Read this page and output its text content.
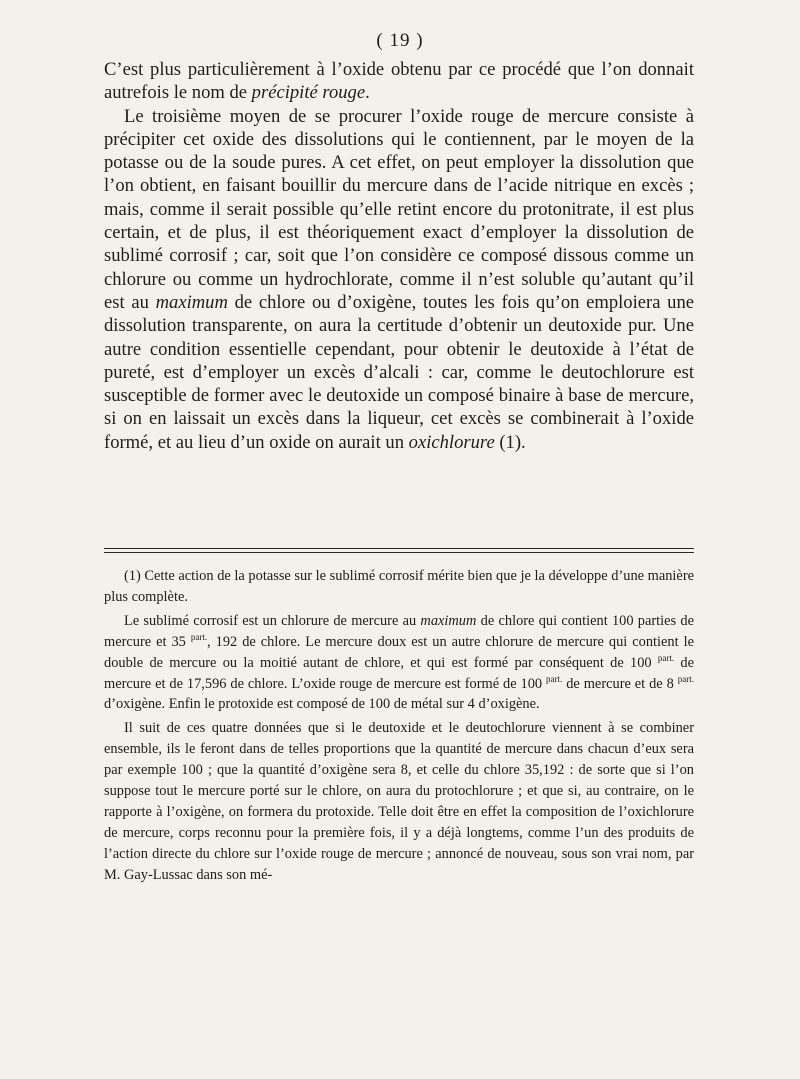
( 19 )

C’est plus particulièrement à l’oxide obtenu par ce procédé que l’on donnait autrefois le nom de précipité rouge.

Le troisième moyen de se procurer l’oxide rouge de mercure consiste à précipiter cet oxide des dissolutions qui le contiennent, par le moyen de la potasse ou de la soude pures. A cet effet, on peut employer la dissolution que l’on obtient, en faisant bouillir du mercure dans de l’acide nitrique en excès ; mais, comme il serait possible qu’elle retint encore du protonitrate, il est plus certain, et de plus, il est théoriquement exact d’employer la dissolution de sublimé corrosif ; car, soit que l’on considère ce composé dissous comme un chlorure ou comme un hydrochlorate, comme il n’est soluble qu’autant qu’il est au maximum de chlore ou d’oxigène, toutes les fois qu’on emploiera une dissolution transparente, on aura la certitude d’obtenir un deutoxide pur. Une autre condition essentielle cependant, pour obtenir le deutoxide à l’état de pureté, est d’employer un excès d’alcali : car, comme le deutochlorure est susceptible de former avec le deutoxide un composé binaire à base de mercure, si on en laissait un excès dans la liqueur, cet excès se combinerait à l’oxide formé, et au lieu d’un oxide on aurait un oxichlorure (1).

(1) Cette action de la potasse sur le sublimé corrosif mérite bien que je la développe d’une manière plus complète.

Le sublimé corrosif est un chlorure de mercure au maximum de chlore qui contient 100 parties de mercure et 35 $^{part.}$, 192 de chlore. Le mercure doux est un autre chlorure de mercure qui contient le double de mercure ou la moitié autant de chlore, et qui est formé par conséquent de 100 $^{part.}$ de mercure et de 17,596 de chlore. L’oxide rouge de mercure est formé de 100 $^{part.}$ de mercure et de 8 $^{part.}$ d’oxigène. Enfin le protoxide est composé de 100 de métal sur 4 d’oxigène.

Il suit de ces quatre données que si le deutoxide et le deutochlorure viennent à se combiner ensemble, ils le feront dans de telles proportions que la quantité de mercure dans chacun d’eux sera par exemple 100 ; que la quantité d’oxigène sera 8, et celle du chlore 35,192 : de sorte que si l’on suppose tout le mercure porté sur le chlore, on aura du protochlorure ; et que si, au contraire, on le rapporte à l’oxigène, on formera du protoxide. Telle doit être en effet la composition de l’oxichlorure de mercure, corps reconnu pour la première fois, il y a déjà longtems, comme l’un des produits de l’action directe du chlore sur l’oxide rouge de mercure ; annoncé de nouveau, sous son vrai nom, par M. Gay-Lussac dans son mé-
